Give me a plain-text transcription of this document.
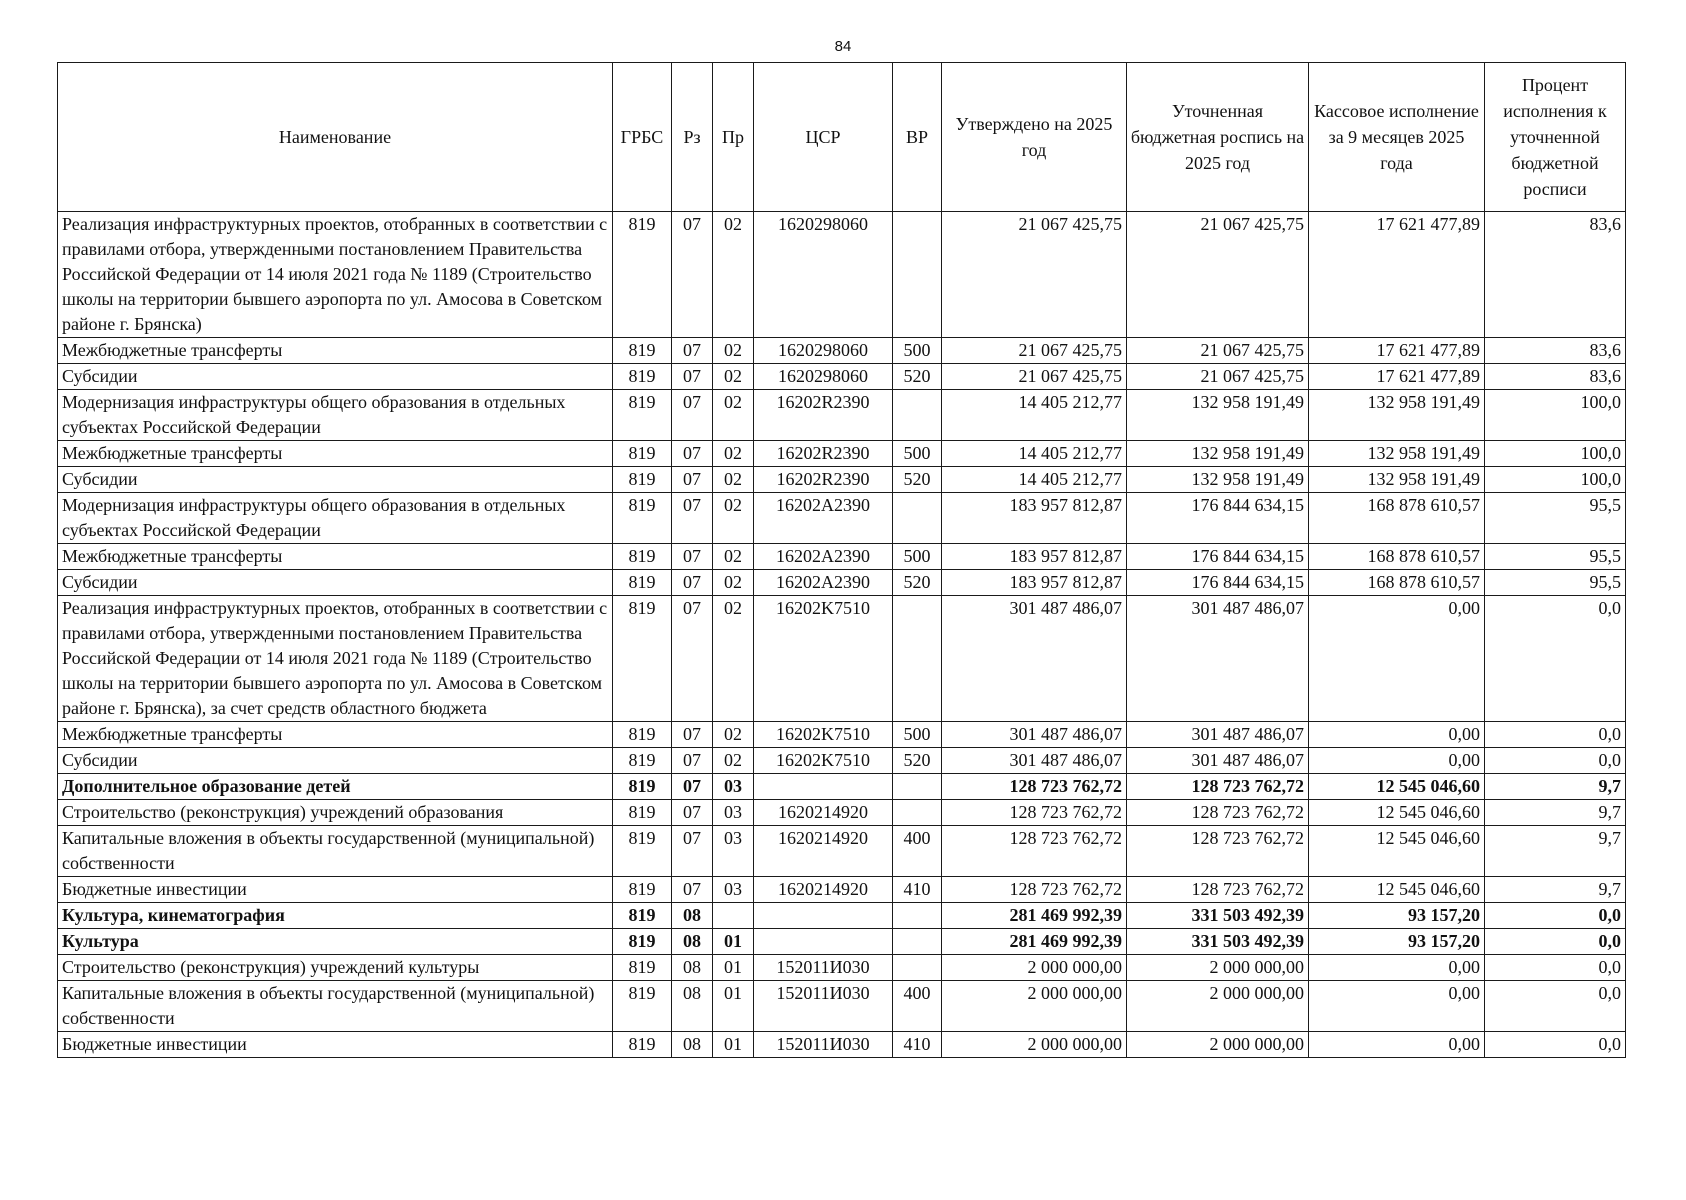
84
Наименование	ГРБС	Рз	Пр	ЦСР	ВР	Утверждено на 2025 год	Уточненная бюджетная роспись на 2025 год	Кассовое исполнение за 9 месяцев 2025 года	Процент исполнения к уточненной бюджетной росписи
Реализация инфраструктурных проектов, отобранных в соответствии с правилами отбора, утвержденными постановлением Правительства Российской Федерации от 14 июля 2021 года № 1189 (Строительство школы на территории бывшего аэропорта по ул. Амосова в Советском районе г. Брянска)	819	07	02	1620298060		21 067 425,75	21 067 425,75	17 621 477,89	83,6
Межбюджетные трансферты	819	07	02	1620298060	500	21 067 425,75	21 067 425,75	17 621 477,89	83,6
Субсидии	819	07	02	1620298060	520	21 067 425,75	21 067 425,75	17 621 477,89	83,6
Модернизация инфраструктуры общего образования в отдельных субъектах Российской Федерации	819	07	02	16202R2390		14 405 212,77	132 958 191,49	132 958 191,49	100,0
Межбюджетные трансферты	819	07	02	16202R2390	500	14 405 212,77	132 958 191,49	132 958 191,49	100,0
Субсидии	819	07	02	16202R2390	520	14 405 212,77	132 958 191,49	132 958 191,49	100,0
Модернизация инфраструктуры общего образования в отдельных субъектах Российской Федерации	819	07	02	16202A2390		183 957 812,87	176 844 634,15	168 878 610,57	95,5
Межбюджетные трансферты	819	07	02	16202A2390	500	183 957 812,87	176 844 634,15	168 878 610,57	95,5
Субсидии	819	07	02	16202A2390	520	183 957 812,87	176 844 634,15	168 878 610,57	95,5
Реализация инфраструктурных проектов, отобранных в соответствии с правилами отбора, утвержденными постановлением Правительства Российской Федерации от 14 июля 2021 года № 1189 (Строительство школы на территории бывшего аэропорта по ул. Амосова в Советском районе г. Брянска), за счет средств областного бюджета	819	07	02	16202K7510		301 487 486,07	301 487 486,07	0,00	0,0
Межбюджетные трансферты	819	07	02	16202K7510	500	301 487 486,07	301 487 486,07	0,00	0,0
Субсидии	819	07	02	16202K7510	520	301 487 486,07	301 487 486,07	0,00	0,0
Дополнительное образование детей	819	07	03			128 723 762,72	128 723 762,72	12 545 046,60	9,7
Строительство (реконструкция) учреждений образования	819	07	03	1620214920		128 723 762,72	128 723 762,72	12 545 046,60	9,7
Капитальные вложения в объекты государственной (муниципальной) собственности	819	07	03	1620214920	400	128 723 762,72	128 723 762,72	12 545 046,60	9,7
Бюджетные инвестиции	819	07	03	1620214920	410	128 723 762,72	128 723 762,72	12 545 046,60	9,7
Культура, кинематография	819	08				281 469 992,39	331 503 492,39	93 157,20	0,0
Культура	819	08	01			281 469 992,39	331 503 492,39	93 157,20	0,0
Строительство (реконструкция) учреждений культуры	819	08	01	152011И030		2 000 000,00	2 000 000,00	0,00	0,0
Капитальные вложения в объекты государственной (муниципальной) собственности	819	08	01	152011И030	400	2 000 000,00	2 000 000,00	0,00	0,0
Бюджетные инвестиции	819	08	01	152011И030	410	2 000 000,00	2 000 000,00	0,00	0,0
